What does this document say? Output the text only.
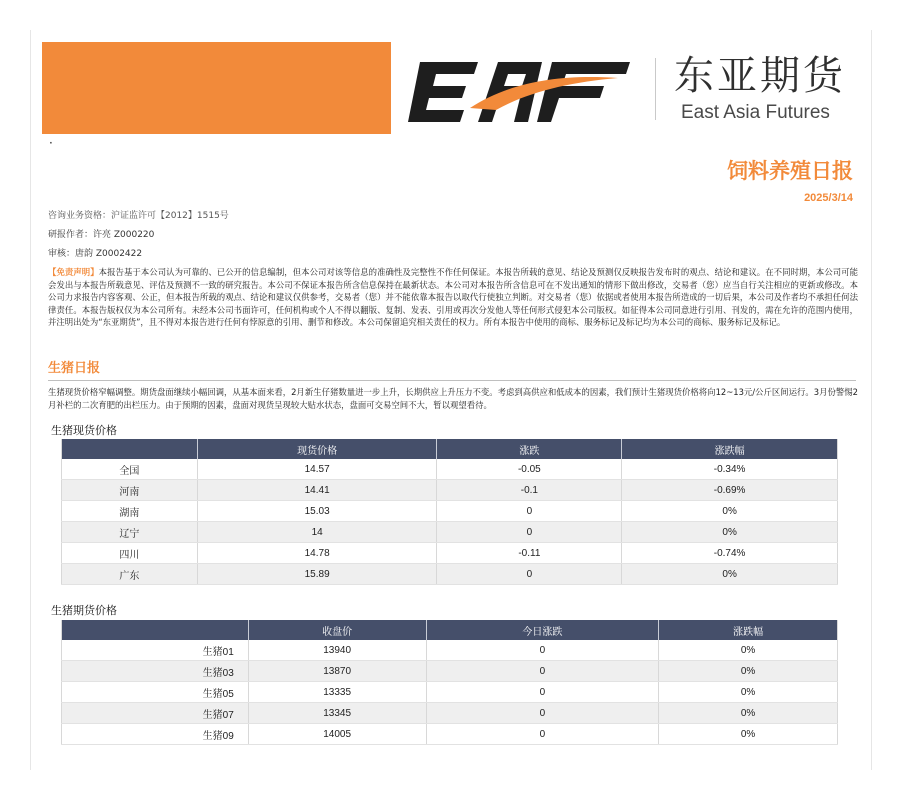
东亚期货
East Asia Futures
·
饲料养殖日报
2025/3/14
咨询业务资格：沪证监许可【2012】1515号
研报作者：许亮 Z000220
审核：唐韵 Z0002422
【免责声明】本报告基于本公司认为可靠的、已公开的信息编制，但本公司对该等信息的准确性及完整性不作任何保证。本报告所载的意见、结论及预测仅反映报告发布时的观点、结论和建议。在不同时期，本公司可能会发出与本报告所载意见、评估及预测不一致的研究报告。本公司不保证本报告所含信息保持在最新状态。本公司对本报告所含信息可在不发出通知的情形下做出修改，交易者（您）应当自行关注相应的更新或修改。本公司力求报告内容客观、公正，但本报告所载的观点、结论和建议仅供参考，交易者（您）并不能依靠本报告以取代行使独立判断。对交易者（您）依据或者使用本报告所造成的一切后果，本公司及作者均不承担任何法律责任。本报告版权仅为本公司所有。未经本公司书面许可，任何机构或个人不得以翻版、复制、发表、引用或再次分发他人等任何形式侵犯本公司版权。如征得本公司同意进行引用、刊发的，需在允许的范围内使用，并注明出处为“东亚期货”，且不得对本报告进行任何有悖原意的引用、删节和修改。本公司保留追究相关责任的权力。所有本报告中使用的商标、服务标记及标记均为本公司的商标、服务标记及标记。
生猪日报
生猪现货价格窄幅调整。期货盘面继续小幅回调，从基本面来看，2月新生仔猪数量进一步上升，长期供应上升压力不变。考虑到高供应和低成本的因素，我们预计生猪现货价格将向12~13元/公斤区间运行。3月份警惕2月补栏的二次育肥的出栏压力。由于预期的因素，盘面对现货呈现较大贴水状态，盘面可交易空间不大，暂以观望看待。
生猪现货价格
	现货价格	涨跌	涨跌幅
全国	14.57	-0.05	-0.34%
河南	14.41	-0.1	-0.69%
湖南	15.03	0	0%
辽宁	14	0	0%
四川	14.78	-0.11	-0.74%
广东	15.89	0	0%
生猪期货价格
	收盘价	今日涨跌	涨跌幅
生猪01	13940	0	0%
生猪03	13870	0	0%
生猪05	13335	0	0%
生猪07	13345	0	0%
生猪09	14005	0	0%
